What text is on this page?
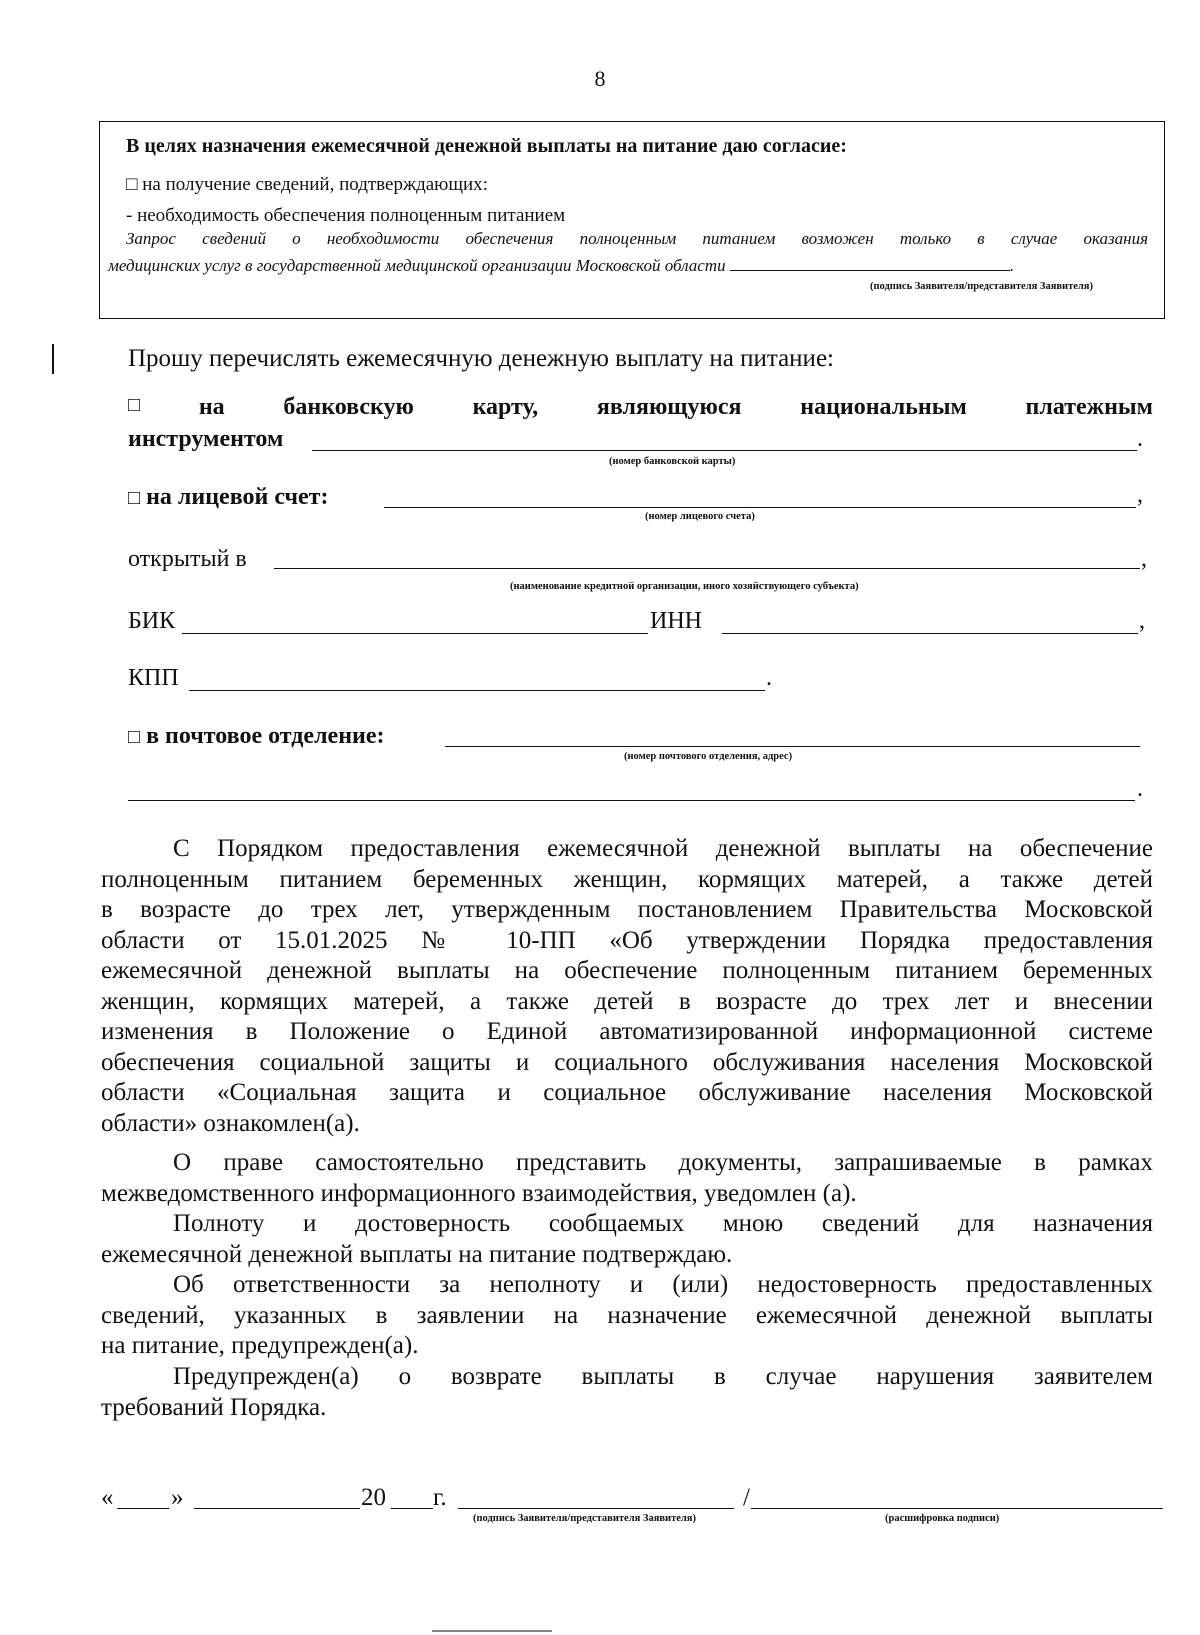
8
В целях назначения ежемесячной денежной выплаты на питание даю согласие:
□ на получение сведений, подтверждающих:
- необходимость обеспечения полноценным питанием
Запрос сведений о необходимости обеспечения полноценным питанием возможен только в случае оказания
медицинских услуг в государственной медицинской организации Московской области	.
(подпись Заявителя/представителя Заявителя)
Прошу перечислять ежемесячную денежную выплату на питание:
□ на банковскую карту, являющуюся национальным платежным
инструментом	.
(номер банковской карты)
□ на лицевой счет:	,
(номер лицевого счета)
открытый в	,
(наименование кредитной организации, иного хозяйствующего субъекта)
БИК	ИНН	,
КПП	.
□ в почтовое отделение:
(номер почтового отделения, адрес)
.
С Порядком предоставления ежемесячной денежной выплаты на обеспечение
полноценным питанием беременных женщин, кормящих матерей, а также детей
в возрасте до трех лет, утвержденным постановлением Правительства Московской
области от 15.01.2025 № 10-ПП «Об утверждении Порядка предоставления
ежемесячной денежной выплаты на обеспечение полноценным питанием беременных
женщин, кормящих матерей, а также детей в возрасте до трех лет и внесении
изменения в Положение о Единой автоматизированной информационной системе
обеспечения социальной защиты и социального обслуживания населения Московской
области «Социальная защита и социальное обслуживание населения Московской
области» ознакомлен(а).
О праве самостоятельно представить документы, запрашиваемые в рамках
межведомственного информационного взаимодействия, уведомлен (а).
Полноту и достоверность сообщаемых мною сведений для назначения
ежемесячной денежной выплаты на питание подтверждаю.
Об ответственности за неполноту и (или) недостоверность предоставленных
сведений, указанных в заявлении на назначение ежемесячной денежной выплаты
на питание, предупрежден(а).
Предупрежден(а) о возврате выплаты в случае нарушения заявителем
требований Порядка.
« »	20 г.	/
(подпись Заявителя/представителя Заявителя)	(расшифровка подписи)
